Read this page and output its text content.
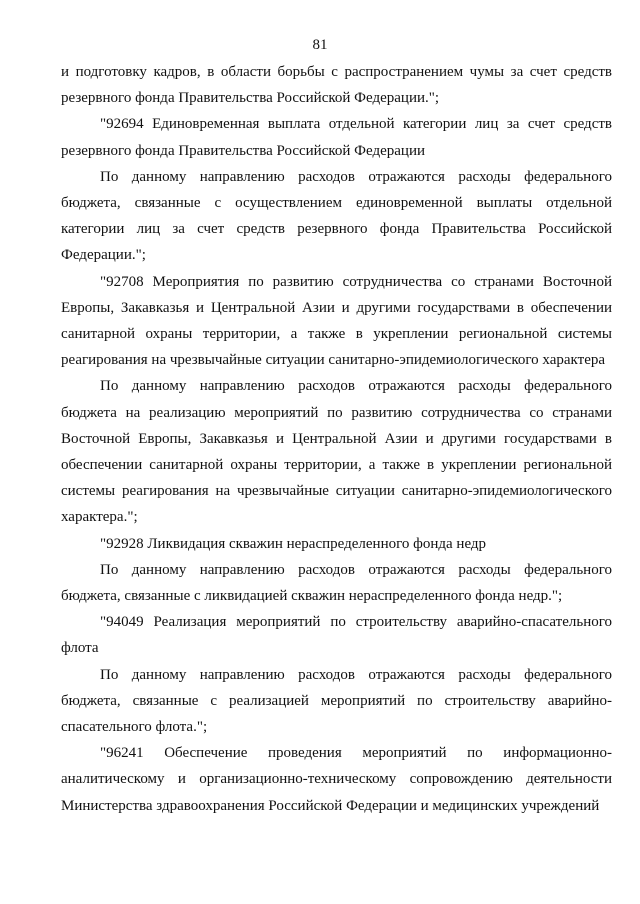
81

и подготовку кадров, в области борьбы с распространением чумы за счет средств резервного фонда Правительства Российской Федерации.";

"92694 Единовременная выплата отдельной категории лиц за счет средств резервного фонда Правительства Российской Федерации

По данному направлению расходов отражаются расходы федерального бюджета, связанные с осуществлением единовременной выплаты отдельной категории лиц за счет средств резервного фонда Правительства Российской Федерации.";

"92708 Мероприятия по развитию сотрудничества со странами Восточной Европы, Закавказья и Центральной Азии и другими государствами в обеспечении санитарной охраны территории, а также в укреплении региональной системы реагирования на чрезвычайные ситуации санитарно-эпидемиологического характера

По данному направлению расходов отражаются расходы федерального бюджета на реализацию мероприятий по развитию сотрудничества со странами Восточной Европы, Закавказья и Центральной Азии и другими государствами в обеспечении санитарной охраны территории, а также в укреплении региональной системы реагирования на чрезвычайные ситуации санитарно-эпидемиологического характера.";

"92928 Ликвидация скважин нераспределенного фонда недр

По данному направлению расходов отражаются расходы федерального бюджета, связанные с ликвидацией скважин нераспределенного фонда недр.";

"94049 Реализация мероприятий по строительству аварийно-спасательного флота

По данному направлению расходов отражаются расходы федерального бюджета, связанные с реализацией мероприятий по строительству аварийно-спасательного флота.";

"96241 Обеспечение проведения мероприятий по информационно-аналитическому и организационно-техническому сопровождению деятельности Министерства здравоохранения Российской Федерации и медицинских учреждений
